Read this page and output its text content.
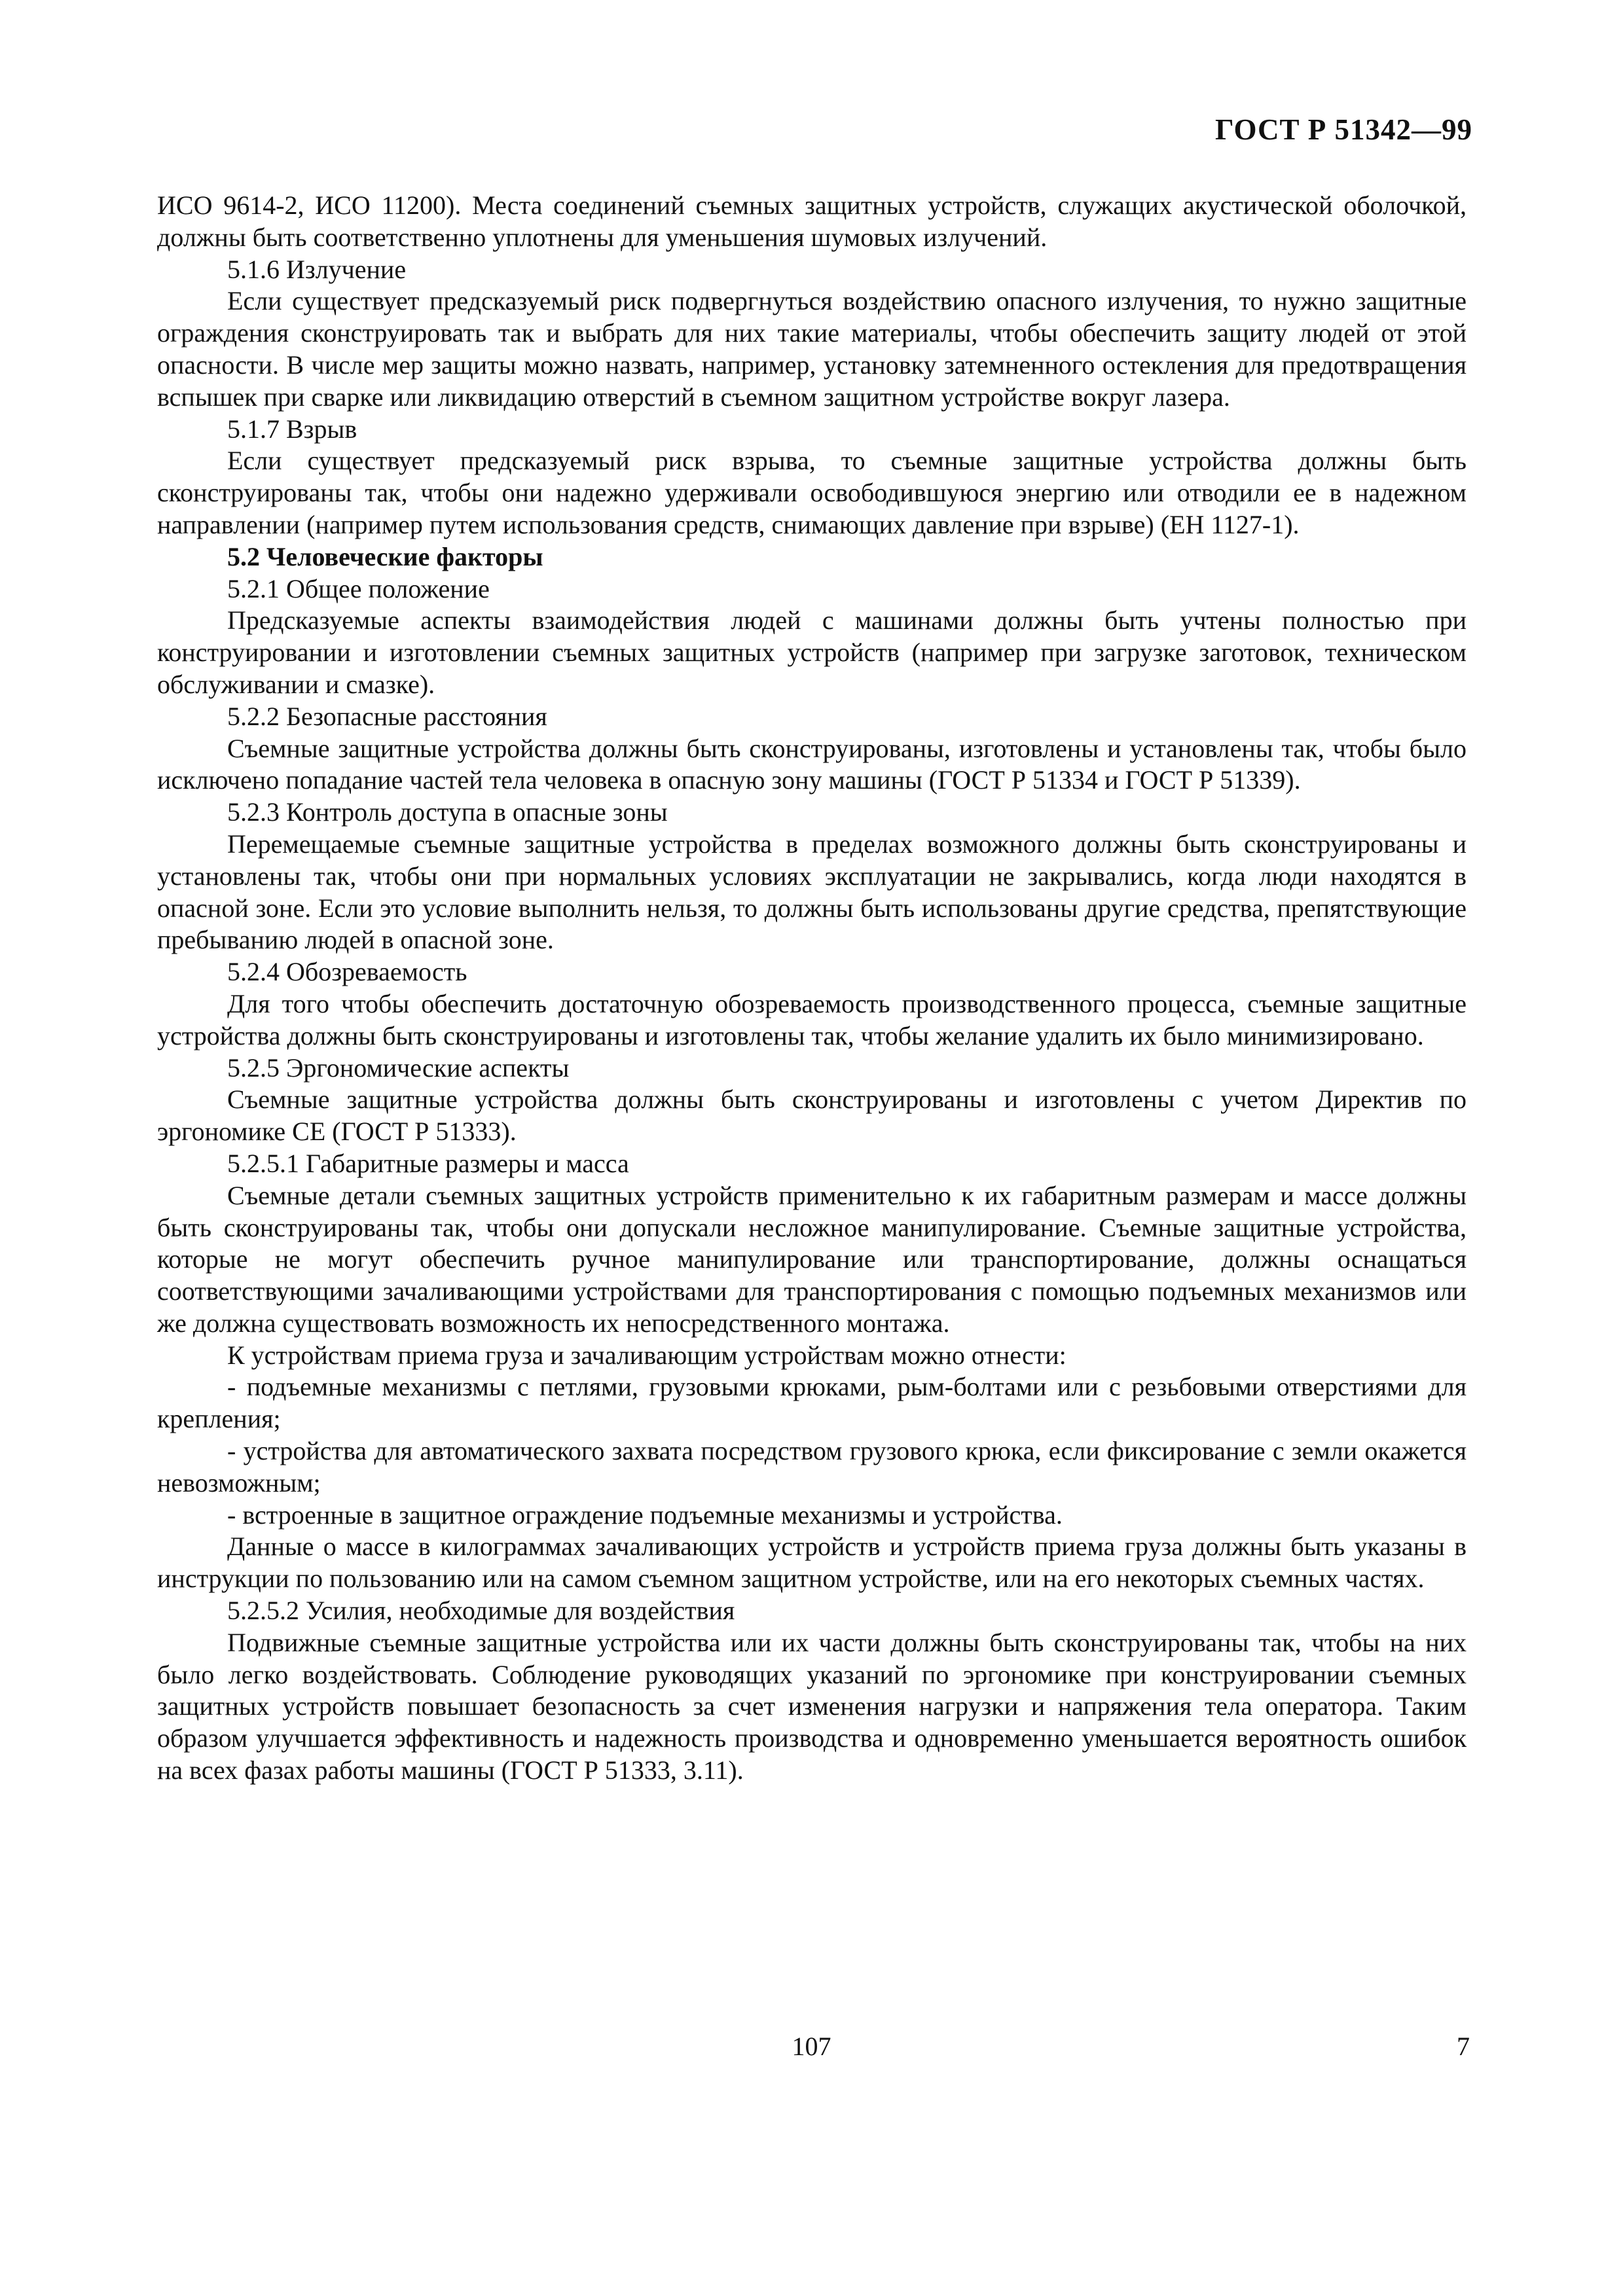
ГОСТ Р 51342—99

ИСО 9614-2, ИСО 11200). Места соединений съемных защитных устройств, служащих акустической оболочкой, должны быть соответственно уплотнены для уменьшения шумовых излучений.

5.1.6 Излучение

Если существует предсказуемый риск подвергнуться воздействию опасного излучения, то нужно защитные ограждения сконструировать так и выбрать для них такие материалы, чтобы обеспечить защиту людей от этой опасности. В числе мер защиты можно назвать, например, установку затемненного остекления для предотвращения вспышек при сварке или ликвидацию отверстий в съемном защитном устройстве вокруг лазера.

5.1.7 Взрыв

Если существует предсказуемый риск взрыва, то съемные защитные устройства должны быть сконструированы так, чтобы они надежно удерживали освободившуюся энергию или отводили ее в надежном направлении (например путем использования средств, снимающих давление при взрыве) (ЕН 1127-1).

5.2 Человеческие факторы

5.2.1 Общее положение

Предсказуемые аспекты взаимодействия людей с машинами должны быть учтены полностью при конструировании и изготовлении съемных защитных устройств (например при загрузке заготовок, техническом обслуживании и смазке).

5.2.2 Безопасные расстояния

Съемные защитные устройства должны быть сконструированы, изготовлены и установлены так, чтобы было исключено попадание частей тела человека в опасную зону машины (ГОСТ Р 51334 и ГОСТ Р 51339).

5.2.3 Контроль доступа в опасные зоны

Перемещаемые съемные защитные устройства в пределах возможного должны быть сконструированы и установлены так, чтобы они при нормальных условиях эксплуатации не закрывались, когда люди находятся в опасной зоне. Если это условие выполнить нельзя, то должны быть использованы другие средства, препятствующие пребыванию людей в опасной зоне.

5.2.4 Обозреваемость

Для того чтобы обеспечить достаточную обозреваемость производственного процесса, съемные защитные устройства должны быть сконструированы и изготовлены так, чтобы желание удалить их было минимизировано.

5.2.5 Эргономические аспекты

Съемные защитные устройства должны быть сконструированы и изготовлены с учетом Директив по эргономике СЕ (ГОСТ Р 51333).

5.2.5.1 Габаритные размеры и масса

Съемные детали съемных защитных устройств применительно к их габаритным размерам и массе должны быть сконструированы так, чтобы они допускали несложное манипулирование. Съемные защитные устройства, которые не могут обеспечить ручное манипулирование или транспортирование, должны оснащаться соответствующими зачаливающими устройствами для транспортирования с помощью подъемных механизмов или же должна существовать возможность их непосредственного монтажа.

К устройствам приема груза и зачаливающим устройствам можно отнести:

- подъемные механизмы с петлями, грузовыми крюками, рым-болтами или с резьбовыми отверстиями для крепления;

- устройства для автоматического захвата посредством грузового крюка, если фиксирование с земли окажется невозможным;

- встроенные в защитное ограждение подъемные механизмы и устройства.

Данные о массе в килограммах зачаливающих устройств и устройств приема груза должны быть указаны в инструкции по пользованию или на самом съемном защитном устройстве, или на его некоторых съемных частях.

5.2.5.2 Усилия, необходимые для воздействия

Подвижные съемные защитные устройства или их части должны быть сконструированы так, чтобы на них было легко воздействовать. Соблюдение руководящих указаний по эргономике при конструировании съемных защитных устройств повышает безопасность за счет изменения нагрузки и напряжения тела оператора. Таким образом улучшается эффективность и надежность производства и одновременно уменьшается вероятность ошибок на всех фазах работы машины (ГОСТ Р 51333, 3.11).

107	7
